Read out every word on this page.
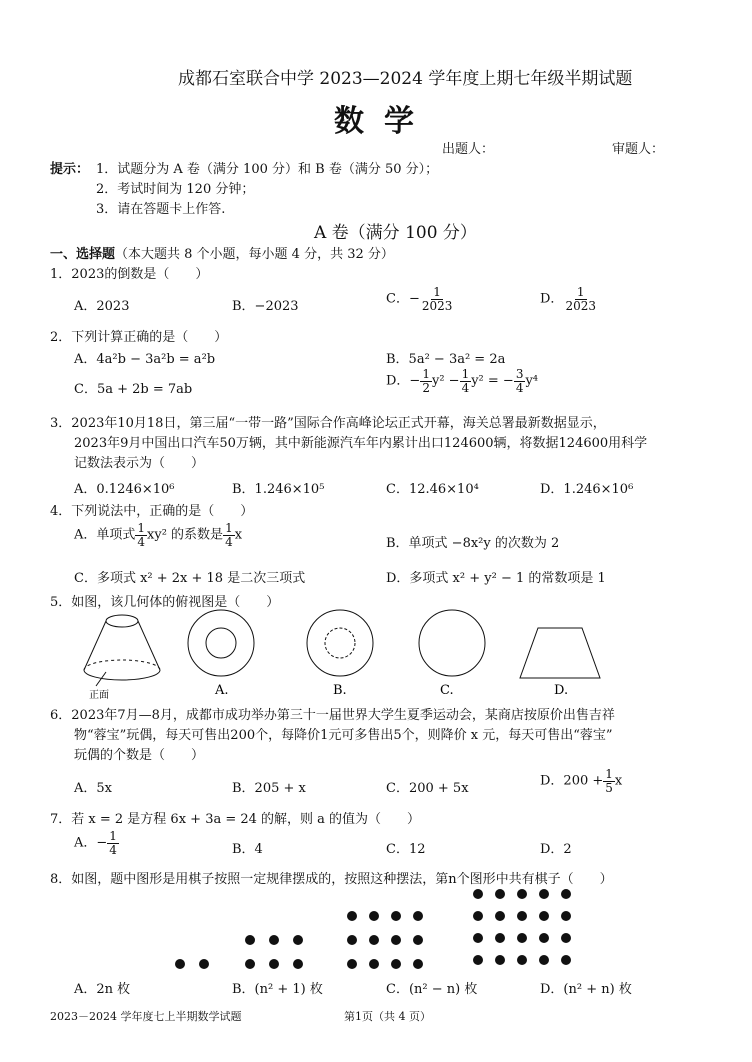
成都石室联合中学 2023—2024 学年度上期七年级半期试题
数学
出题人：	审题人：
提示： 1．试题分为 A 卷（满分 100 分）和 B 卷（满分 50 分）；
2．考试时间为 120 分钟；
3．请在答题卡上作答.
A 卷（满分 100 分）
一、选择题（本大题共 8 个小题，每小题 4 分，共 32 分）
1．2023的倒数是（　　）
A．2023	B．−2023	C．− $\frac{1}{2023}$	D． $\frac{1}{2023}$
2．下列计算正确的是（　　）
A．4a²b − 3a²b = a²b	B．5a² − 3a² = 2a
C．5a + 2b = 7ab
D．− $\frac{1}{2} y^2 - \frac{1}{4} y^2$ = − $\frac{3}{4} y^4$
3．2023年10月18日，第三届“一带一路”国际合作高峰论坛正式开幕，海关总署最新数据显示，
2023年9月中国出口汽车50万辆，其中新能源汽车年内累计出口124600辆，将数据124600用科学
记数法表示为（　　）
A．0.1246×10⁶	B．1.246×10⁵	C．12.46×10⁴	D．1.246×10⁶
4．下列说法中，正确的是（　　）
A．单项式 $\frac{1}{4} xy^2$ 的系数是 $\frac{1}{4}$ x
B．单项式 −8x²y 的次数为 2
C．多项式 x² + 2x + 18 是二次三项式	D．多项式 x² + y² − 1 的常数项是 1
5．如图，该几何体的俯视图是（　　）
正面	A.	B.	C.	D.
6．2023年7月—8月，成都市成功举办第三十一届世界大学生夏季运动会，某商店按原价出售吉祥
物“蓉宝”玩偶，每天可售出200个，每降价1元可多售出5个，则降价 x 元，每天可售出“蓉宝”
玩偶的个数是（　　）
A．5x	B．205 + x	C．200 + 5x	D．$200 + \frac{1}{5}$ x
7．若 x = 2 是方程 6x + 3a = 24 的解，则 a 的值为（　　）
A．− $\frac{1}{4}$	B．4	C．12	D．2
8．如图，题中图形是用棋子按照一定规律摆成的，按照这种摆法，第n个图形中共有棋子（　　）
A．2n 枚	B．(n² + 1) 枚	C．(n² − n) 枚	D．(n² + n) 枚
2023－2024 学年度七上半期数学试题	第1页（共 4 页）
